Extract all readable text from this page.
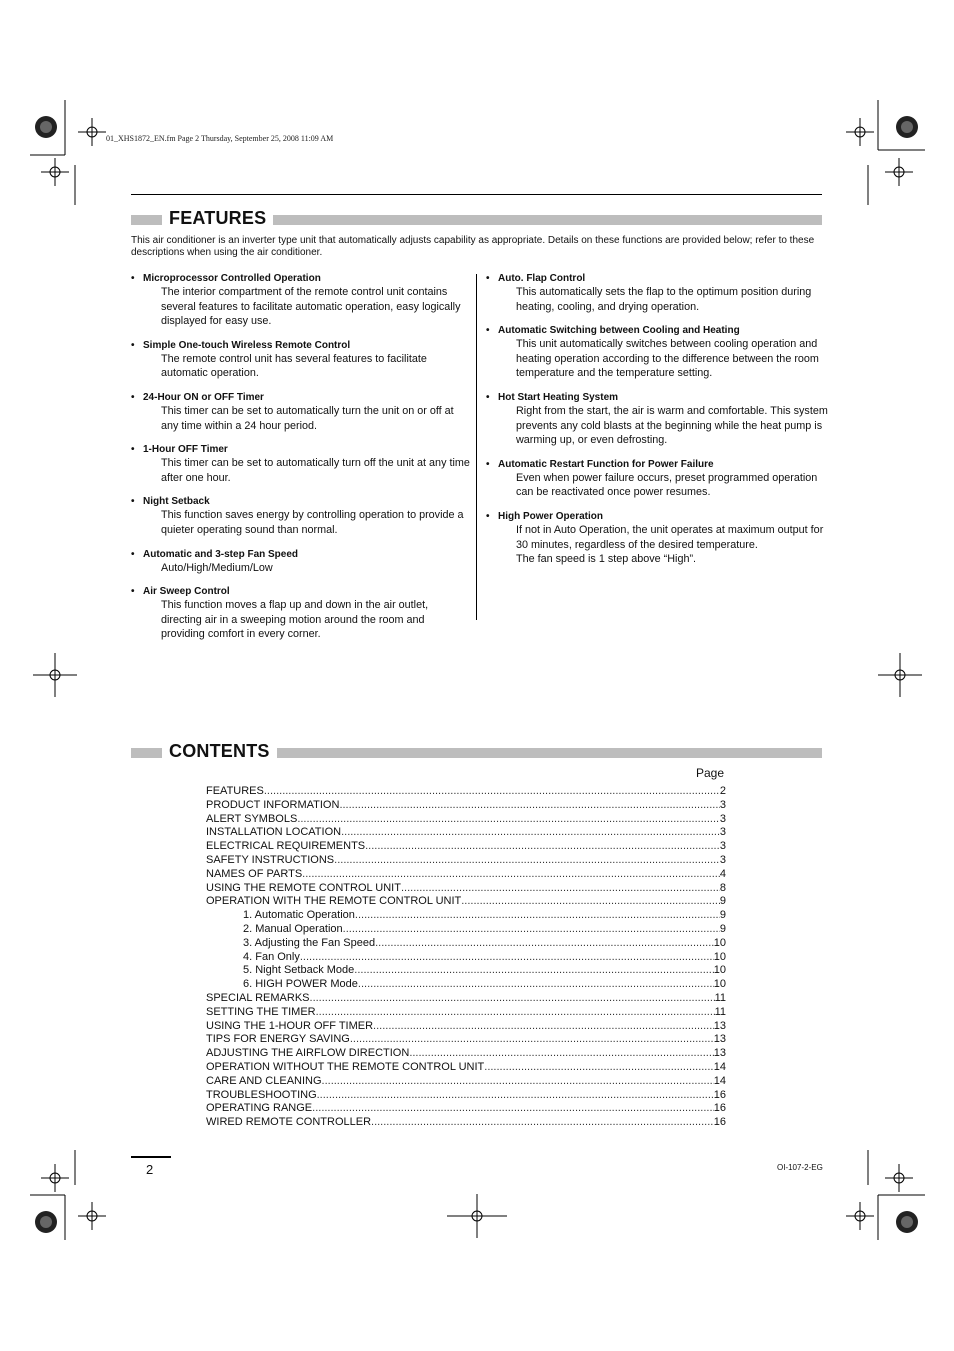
01_XHS1872_EN.fm Page 2 Thursday, September 25, 2008 11:09 AM
FEATURES
This air conditioner is an inverter type unit that automatically adjusts capability as appropriate. Details on these functions are provided below; refer to these descriptions when using the air conditioner.
• Microprocessor Controlled Operation
The interior compartment of the remote control unit contains several features to facilitate automatic operation, easy logically displayed for easy use.
• Simple One-touch Wireless Remote Control
The remote control unit has several features to facilitate automatic operation.
• 24-Hour ON or OFF Timer
This timer can be set to automatically turn the unit on or off at any time within a 24 hour period.
• 1-Hour OFF Timer
This timer can be set to automatically turn off the unit at any time after one hour.
• Night Setback
This function saves energy by controlling operation to provide a quieter operating sound than normal.
• Automatic and 3-step Fan Speed
Auto/High/Medium/Low
• Air Sweep Control
This function moves a flap up and down in the air outlet, directing air in a sweeping motion around the room and providing comfort in every corner.
• Auto. Flap Control
This automatically sets the flap to the optimum position during heating, cooling, and drying operation.
• Automatic Switching between Cooling and Heating
This unit automatically switches between cooling operation and heating operation according to the difference between the room temperature and the temperature setting.
• Hot Start Heating System
Right from the start, the air is warm and comfortable. This system prevents any cold blasts at the beginning while the heat pump is warming up, or even defrosting.
• Automatic Restart Function for Power Failure
Even when power failure occurs, preset programmed operation can be reactivated once power resumes.
• High Power Operation
If not in Auto Operation, the unit operates at maximum output for 30 minutes, regardless of the desired temperature.
The fan speed is 1 step above “High”.
CONTENTS
Page
FEATURES .....	2
PRODUCT INFORMATION .....	3
ALERT SYMBOLS .....	3
INSTALLATION LOCATION .....	3
ELECTRICAL REQUIREMENTS .....	3
SAFETY INSTRUCTIONS .....	3
NAMES OF PARTS .....	4
USING THE REMOTE CONTROL UNIT .....	8
OPERATION WITH THE REMOTE CONTROL UNIT .....	9
1. Automatic Operation .....	9
2. Manual Operation .....	9
3. Adjusting the Fan Speed .....	10
4. Fan Only .....	10
5. Night Setback Mode .....	10
6. HIGH POWER Mode .....	10
SPECIAL REMARKS .....	11
SETTING THE TIMER .....	11
USING THE 1-HOUR OFF TIMER .....	13
TIPS FOR ENERGY SAVING .....	13
ADJUSTING THE AIRFLOW DIRECTION .....	13
OPERATION WITHOUT THE REMOTE CONTROL UNIT .....	14
CARE AND CLEANING .....	14
TROUBLESHOOTING .....	16
OPERATING RANGE .....	16
WIRED REMOTE CONTROLLER .....	16
2	OI-107-2-EG
